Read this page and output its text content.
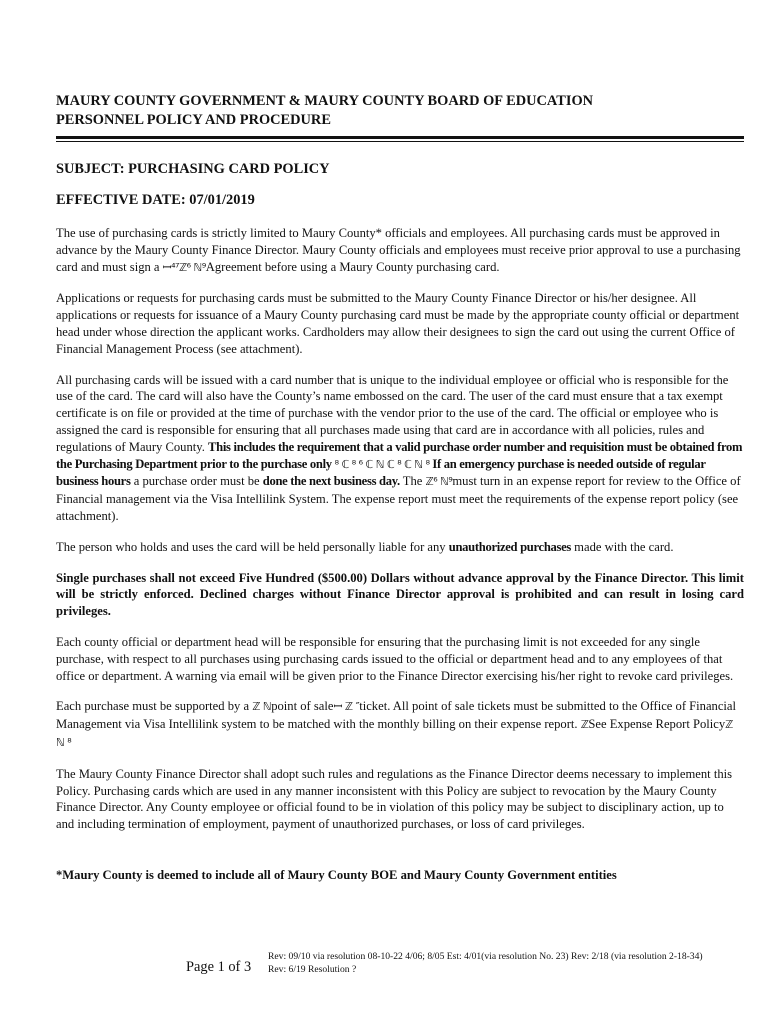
MAURY COUNTY GOVERNMENT & MAURY COUNTY BOARD OF EDUCATION

PERSONNEL POLICY AND PROCEDURE

SUBJECT: PURCHASING CARD POLICY
EFFECTIVE DATE: 07/01/2019

The use of purchasing cards is strictly limited to Maury County* officials and employees. All purchasing cards must be approved in advance by the Maury County Finance Director. Maury County officials and employees must receive prior approval to use a purchasing card and must sign a ꟷ⁴⁷ℤ⁶ ℕ⁹Agreement before using a Maury County purchasing card.

Applications or requests for purchasing cards must be submitted to the Maury County Finance Director or his/her designee. All applications or requests for issuance of a Maury County purchasing card must be made by the appropriate county official or department head under whose direction the applicant works. Cardholders may allow their designees to sign the card out using the current Office of Financial Management Process (see attachment).

All purchasing cards will be issued with a card number that is unique to the individual employee or official who is responsible for the use of the card. The card will also have the County’s name embossed on the card. The user of the card must ensure that a tax exempt certificate is on file or provided at the time of purchase with the vendor prior to the use of the card. The official or employee who is assigned the card is responsible for ensuring that all purchases made using that card are in accordance with all policies, rules and regulations of Maury County. This includes the requirement that a valid purchase order number and requisition must be obtained from the Purchasing Department prior to the purchase only ⁸ ℂ ⁸ ⁶ ℂ ℕ ℂ ⁸ ℂ ℕ ⁸ If an emergency purchase is needed outside of regular business hours a purchase order must be done the next business day. The ℤ⁶ ℕ⁹must turn in an expense report for review to the Office of Financial management via the Visa Intellilink System. The expense report must meet the requirements of the expense report policy (see attachment).

The person who holds and uses the card will be held personally liable for any unauthorized purchases made with the card.

Single purchases shall not exceed Five Hundred ($500.00) Dollars without advance approval by the Finance Director. This limit will be strictly enforced. Declined charges without Finance Director approval is prohibited and can result in losing card privileges.

Each county official or department head will be responsible for ensuring that the purchasing limit is not exceeded for any single purchase, with respect to all purchases using purchasing cards issued to the official or department head and to any employees of that office or department. A warning via email will be given prior to the Finance Director exercising his/her right to revoke card privileges.

Each purchase must be supported by a ℤ ℕpoint of saleꟷ ℤ ″ticket. All point of sale tickets must be submitted to the Office of Financial Management via Visa Intellilink system to be matched with the monthly billing on their expense report. ℤSee Expense Report Policyℤ ℕ ⁸

The Maury County Finance Director shall adopt such rules and regulations as the Finance Director deems necessary to implement this Policy. Purchasing cards which are used in any manner inconsistent with this Policy are subject to revocation by the Maury County Finance Director. Any County employee or official found to be in violation of this policy may be subject to disciplinary action, up to and including termination of employment, payment of unauthorized purchases, or loss of card privileges.

*Maury County is deemed to include all of Maury County BOE and Maury County Government entities

Page 1 of 3
Rev: 09/10 via resolution 08-10-22 4/06; 8/05 Est: 4/01(via resolution No. 23) Rev: 2/18 (via resolution 2-18-34)
Rev: 6/19 Resolution ?
